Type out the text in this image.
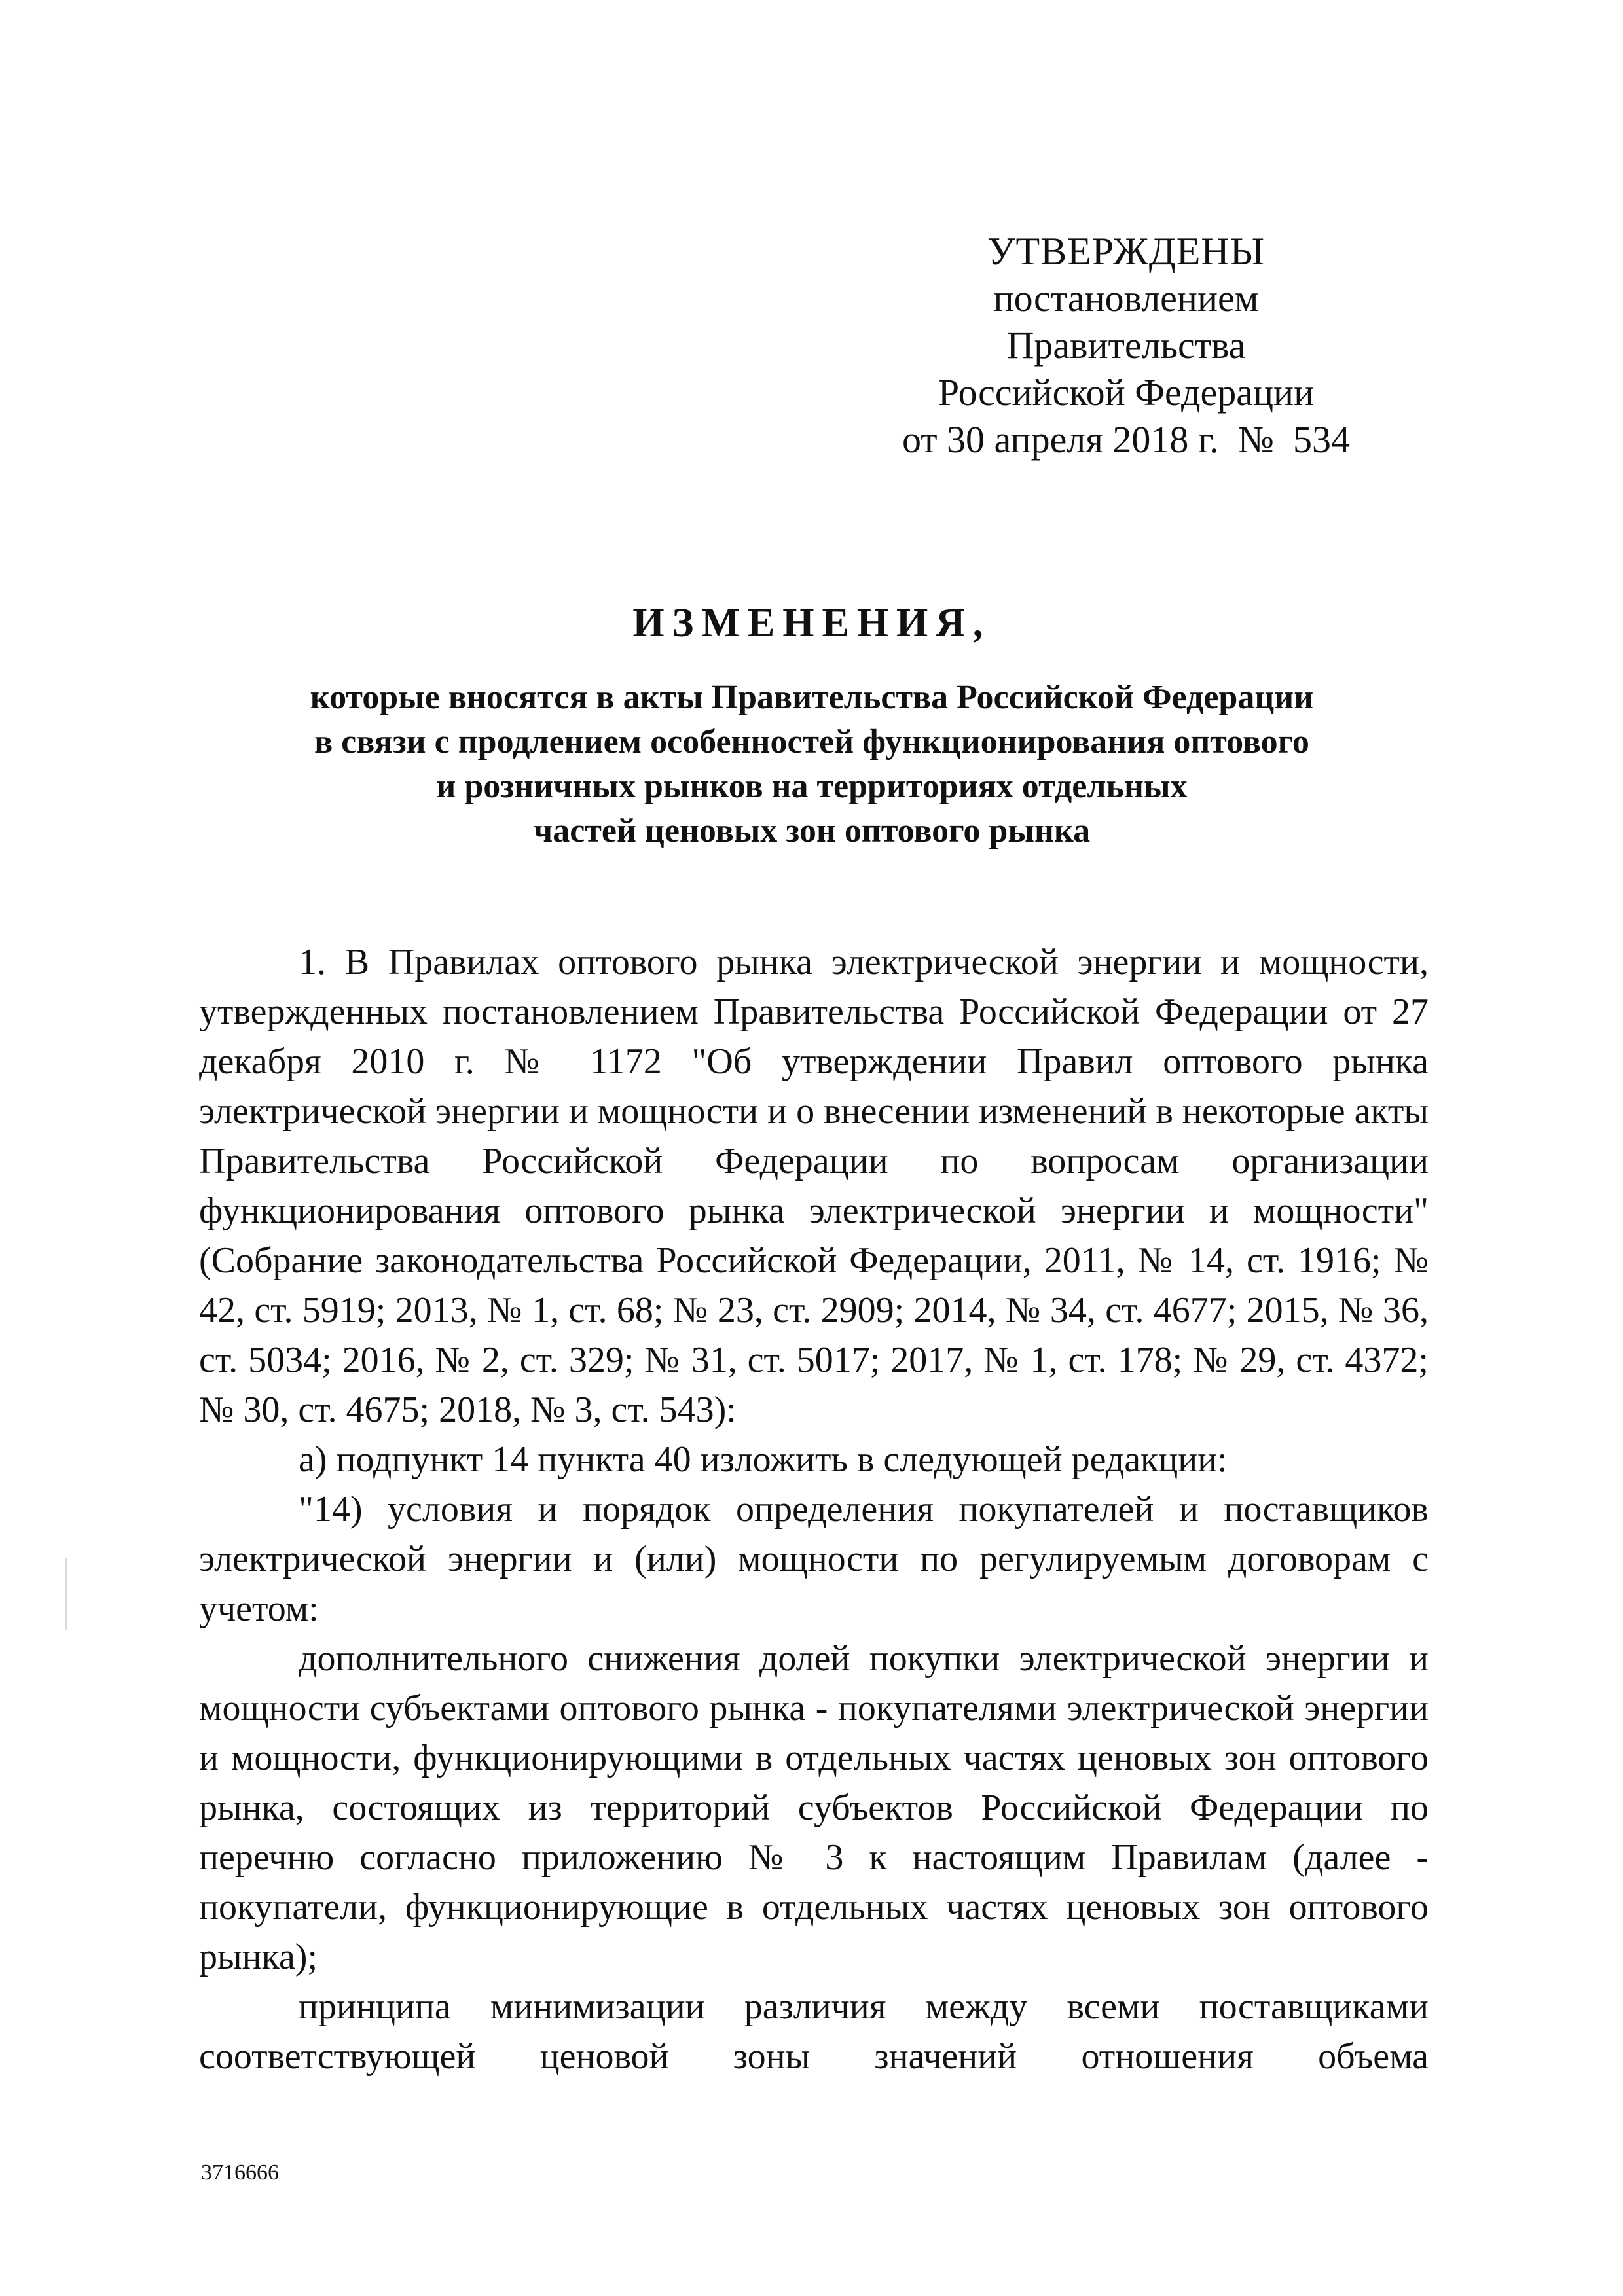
УТВЕРЖДЕНЫ
постановлением Правительства
Российской Федерации
от 30 апреля 2018 г.  №  534
ИЗМЕНЕНИЯ,
которые вносятся в акты Правительства Российской Федерации
в связи с продлением особенностей функционирования оптового
и розничных рынков на территориях отдельных
частей ценовых зон оптового рынка

1. В Правилах оптового рынка электрической энергии и мощности, утвержденных постановлением Правительства Российской Федерации от 27 декабря 2010 г. № 1172 "Об утверждении Правил оптового рынка электрической энергии и мощности и о внесении изменений в некоторые акты Правительства Российской Федерации по вопросам организации функционирования оптового рынка электрической энергии и мощности" (Собрание законодательства Российской Федерации, 2011, № 14, ст. 1916; № 42, ст. 5919; 2013, № 1, ст. 68; № 23, ст. 2909; 2014, № 34, ст. 4677; 2015, № 36, ст. 5034; 2016, № 2, ст. 329; № 31, ст. 5017; 2017, № 1, ст. 178; № 29, ст. 4372; № 30, ст. 4675; 2018, № 3, ст. 543):

а) подпункт 14 пункта 40 изложить в следующей редакции:

"14) условия и порядок определения покупателей и поставщиков электрической энергии и (или) мощности по регулируемым договорам с учетом:

дополнительного снижения долей покупки электрической энергии и мощности субъектами оптового рынка - покупателями электрической энергии и мощности, функционирующими в отдельных частях ценовых зон оптового рынка, состоящих из территорий субъектов Российской Федерации по перечню согласно приложению № 3 к настоящим Правилам (далее - покупатели, функционирующие в отдельных частях ценовых зон оптового рынка);

принципа минимизации различия между всеми поставщиками соответствующей ценовой зоны значений отношения объема

3716666
